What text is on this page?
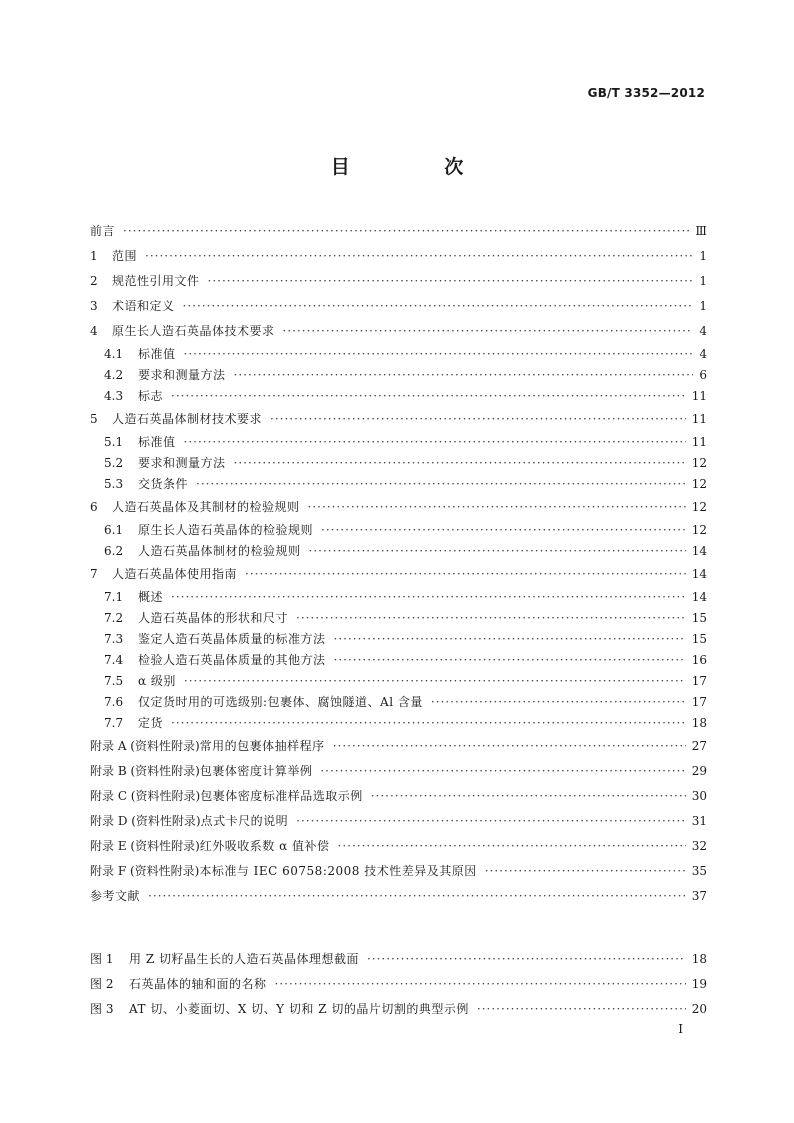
GB/T 3352—2012
目 次
前言 ·····	Ⅲ
1 范围 ·····	1
2 规范性引用文件 ·····	1
3 术语和定义 ·····	1
4 原生长人造石英晶体技术要求 ·····	4
4.1 标准值 ·····	4
4.2 要求和测量方法 ·····	6
4.3 标志 ·····	11
5 人造石英晶体制材技术要求 ·····	11
5.1 标准值 ·····	11
5.2 要求和测量方法 ·····	12
5.3 交货条件 ·····	12
6 人造石英晶体及其制材的检验规则 ·····	12
6.1 原生长人造石英晶体的检验规则 ·····	12
6.2 人造石英晶体制材的检验规则 ·····	14
7 人造石英晶体使用指南 ·····	14
7.1 概述 ·····	14
7.2 人造石英晶体的形状和尺寸 ·····	15
7.3 鉴定人造石英晶体质量的标准方法 ·····	15
7.4 检验人造石英晶体质量的其他方法 ·····	16
7.5 α 级别 ·····	17
7.6 仅定货时用的可选级别:包裹体、腐蚀隧道、Al 含量 ·····	17
7.7 定货 ·····	18
附录 A (资料性附录)常用的包裹体抽样程序 ·····	27
附录 B (资料性附录)包裹体密度计算举例 ·····	29
附录 C (资料性附录)包裹体密度标准样品选取示例 ·····	30
附录 D (资料性附录)点式卡尺的说明 ·····	31
附录 E (资料性附录)红外吸收系数 α 值补偿 ·····	32
附录 F (资料性附录)本标准与 IEC 60758:2008 技术性差异及其原因 ·····	35
参考文献 ·····	37
图 1 用 Z 切籽晶生长的人造石英晶体理想截面 ·····	18
图 2 石英晶体的轴和面的名称 ·····	19
图 3 AT 切、小菱面切、X 切、Y 切和 Z 切的晶片切割的典型示例 ·····	20
I
